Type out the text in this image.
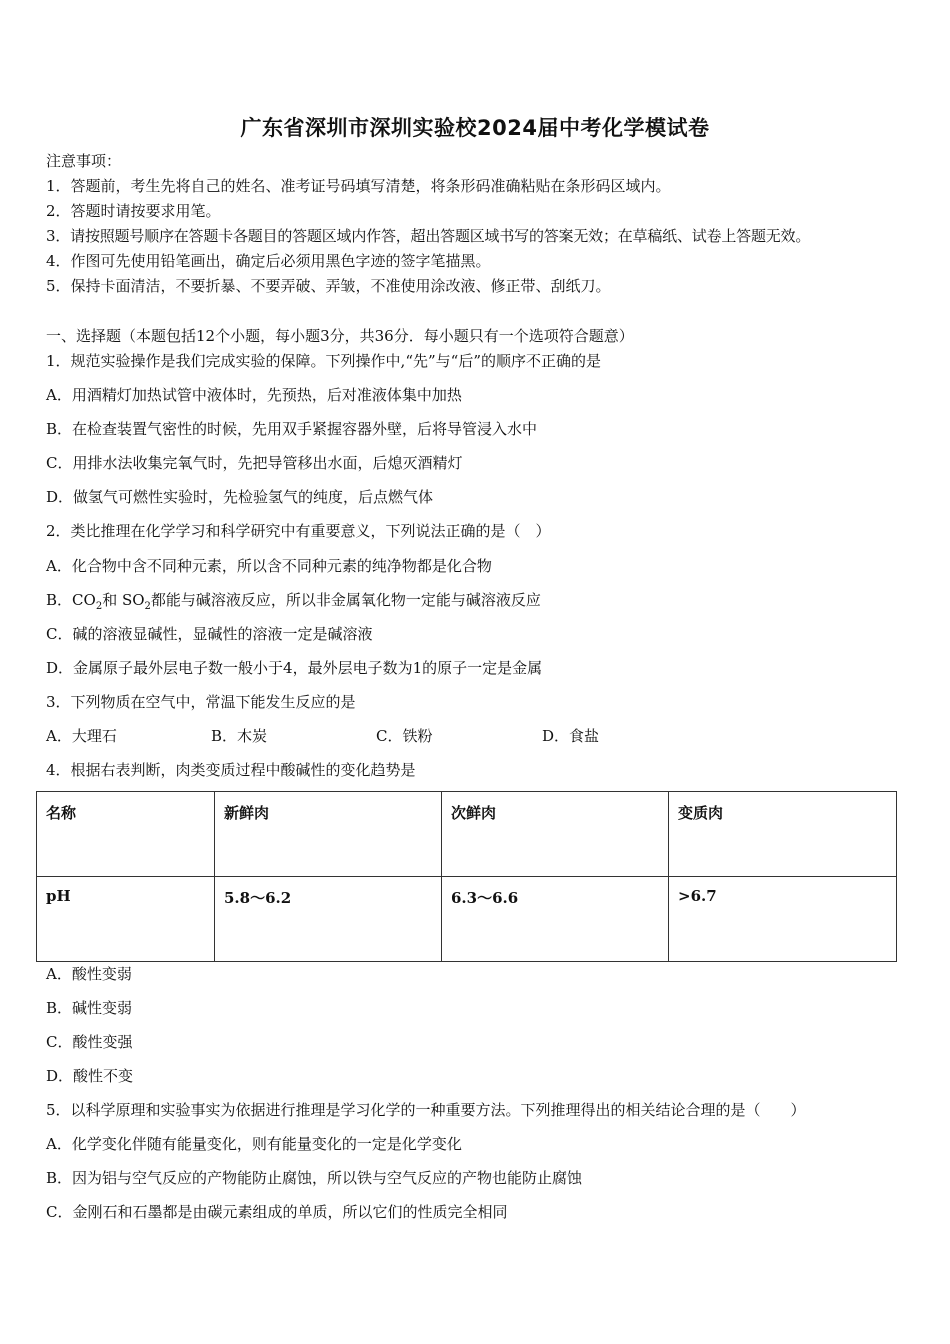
广东省深圳市深圳实验校2024届中考化学模试卷
注意事项：
1．答题前，考生先将自己的姓名、准考证号码填写清楚，将条形码准确粘贴在条形码区域内。
2．答题时请按要求用笔。
3．请按照题号顺序在答题卡各题目的答题区域内作答，超出答题区域书写的答案无效；在草稿纸、试卷上答题无效。
4．作图可先使用铅笔画出，确定后必须用黑色字迹的签字笔描黑。
5．保持卡面清洁，不要折暴、不要弄破、弄皱，不准使用涂改液、修正带、刮纸刀。
一、选择题（本题包括12个小题，每小题3分，共36分．每小题只有一个选项符合题意）
1．规范实验操作是我们完成实验的保障。下列操作中,“先”与“后”的顺序不正确的是
A．用酒精灯加热试管中液体时，先预热，后对准液体集中加热
B．在检查装置气密性的时候，先用双手紧握容器外壁，后将导管浸入水中
C．用排水法收集完氧气时，先把导管移出水面，后熄灭酒精灯
D．做氢气可燃性实验时，先检验氢气的纯度，后点燃气体
2．类比推理在化学学习和科学研究中有重要意义，下列说法正确的是（　）
A．化合物中含不同种元素，所以含不同种元素的纯净物都是化合物
B．$CO_2$和 $SO_2$都能与碱溶液反应，所以非金属氧化物一定能与碱溶液反应
C．碱的溶液显碱性，显碱性的溶液一定是碱溶液
D．金属原子最外层电子数一般小于4，最外层电子数为1的原子一定是金属
3．下列物质在空气中，常温下能发生反应的是
A．大理石	B．木炭	C．铁粉	D．食盐
4．根据右表判断，肉类变质过程中酸碱性的变化趋势是
名称	新鲜肉	次鲜肉	变质肉
pH	5.8～6.2	6.3～6.6	>6.7
A．酸性变弱
B．碱性变弱
C．酸性变强
D．酸性不变
5．以科学原理和实验事实为依据进行推理是学习化学的一种重要方法。下列推理得出的相关结论合理的是（　　）
A．化学变化伴随有能量变化，则有能量变化的一定是化学变化
B．因为铝与空气反应的产物能防止腐蚀，所以铁与空气反应的产物也能防止腐蚀
C．金刚石和石墨都是由碳元素组成的单质，所以它们的性质完全相同
